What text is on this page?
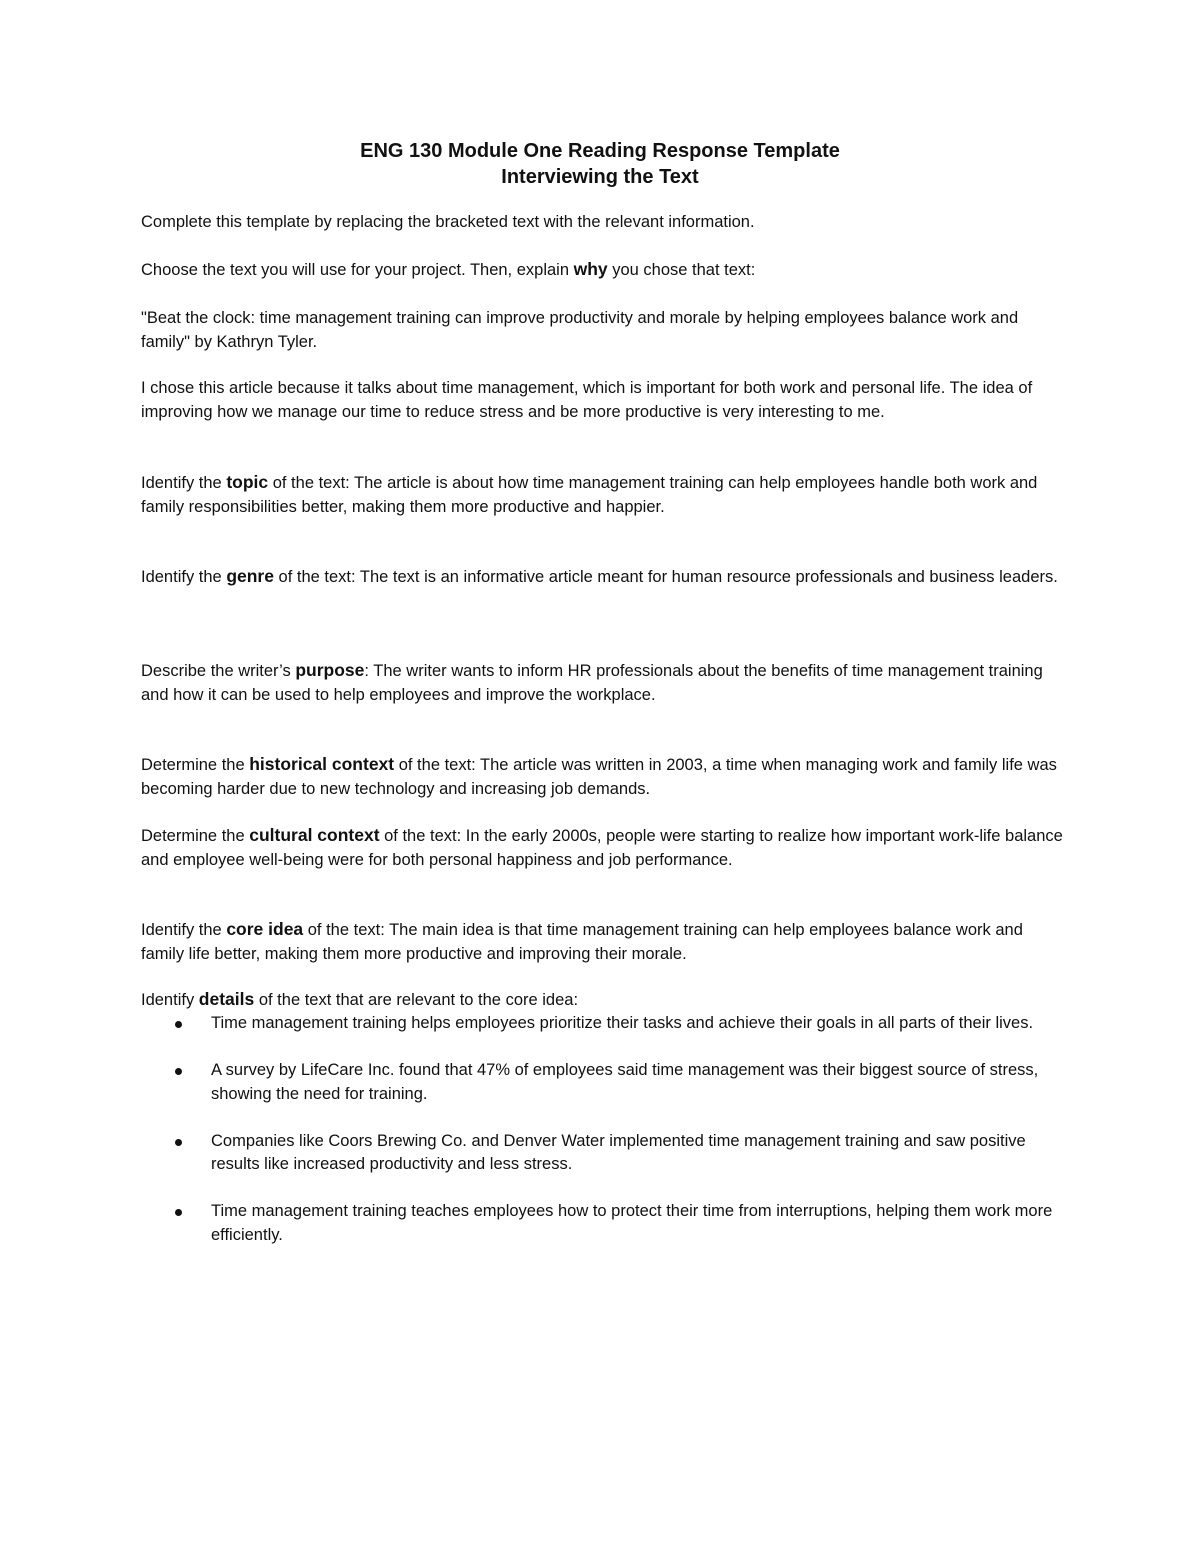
ENG 130 Module One Reading Response Template
Interviewing the Text

Complete this template by replacing the bracketed text with the relevant information.

Choose the text you will use for your project. Then, explain why you chose that text:

"Beat the clock: time management training can improve productivity and morale by helping employees balance work and family" by Kathryn Tyler.

I chose this article because it talks about time management, which is important for both work and personal life. The idea of improving how we manage our time to reduce stress and be more productive is very interesting to me.

Identify the topic of the text: The article is about how time management training can help employees handle both work and family responsibilities better, making them more productive and happier.

Identify the genre of the text: The text is an informative article meant for human resource professionals and business leaders.

Describe the writer’s purpose: The writer wants to inform HR professionals about the benefits of time management training and how it can be used to help employees and improve the workplace.

Determine the historical context of the text: The article was written in 2003, a time when managing work and family life was becoming harder due to new technology and increasing job demands.

Determine the cultural context of the text: In the early 2000s, people were starting to realize how important work-life balance and employee well-being were for both personal happiness and job performance.

Identify the core idea of the text: The main idea is that time management training can help employees balance work and family life better, making them more productive and improving their morale.

Identify details of the text that are relevant to the core idea:

Time management training helps employees prioritize their tasks and achieve their goals in all parts of their lives.
A survey by LifeCare Inc. found that 47% of employees said time management was their biggest source of stress, showing the need for training.
Companies like Coors Brewing Co. and Denver Water implemented time management training and saw positive results like increased productivity and less stress.
Time management training teaches employees how to protect their time from interruptions, helping them work more efficiently.
